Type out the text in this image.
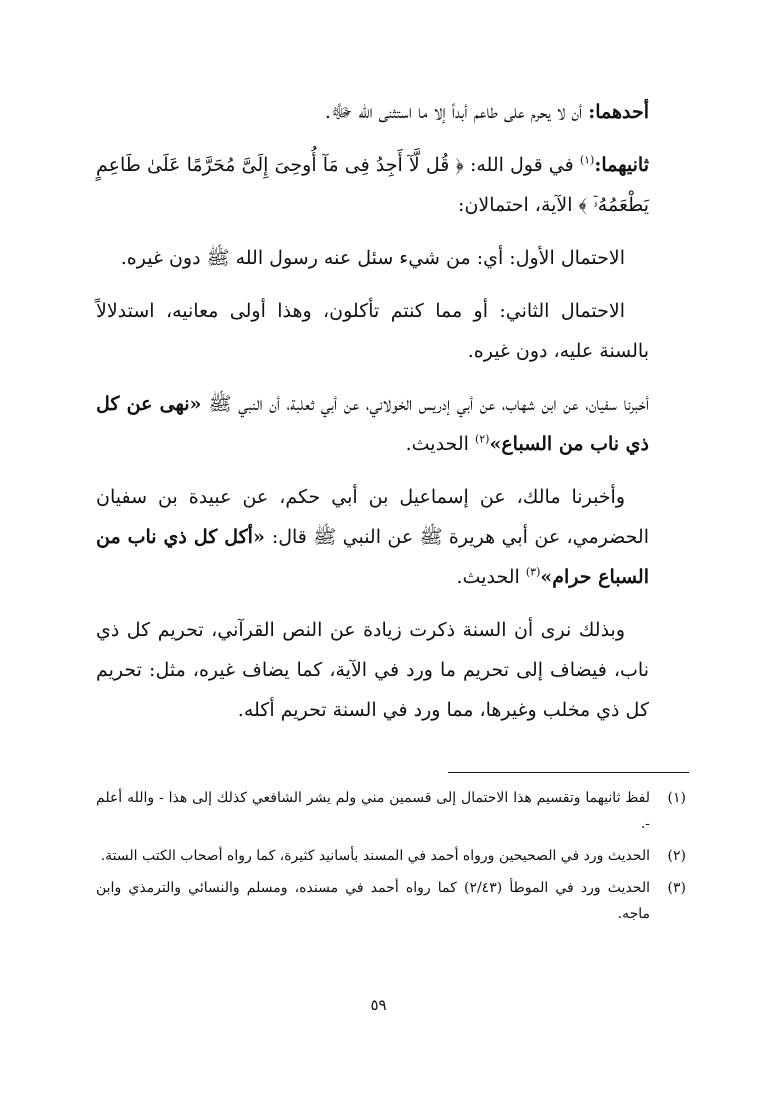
أحدهما: أن لا يحرم على طاعم أبداً إلا ما استثنى الله ﷻ.

ثانيهما:$^{(١)}$ في قول الله: ﴿ قُل لَّآ أَجِدُ فِى مَآ أُوحِىَ إِلَىَّ مُحَرَّمًا عَلَىٰ طَاعِمٍ يَطْعَمُهُۥٓ ﴾ الآية، احتمالان:

الاحتمال الأول: أي: من شيء سئل عنه رسول الله ﷺ دون غيره.

الاحتمال الثاني: أو مما كنتم تأكلون، وهذا أولى معانيه، استدلالاً بالسنة عليه، دون غيره.

أخبرنا سفيان، عن ابن شهاب، عن أبي إدريس الخولاني، عن أبي ثعلبة، أن النبي ﷺ «نهى عن كل ذي ناب من السباع»$^{(٢)}$ الحديث.

وأخبرنا مالك، عن إسماعيل بن أبي حكم، عن عبيدة بن سفيان الحضرمي، عن أبي هريرة ﷺ عن النبي ﷺ قال: «أكل كل ذي ناب من السباع حرام»$^{(٣)}$ الحديث.

وبذلك نرى أن السنة ذكرت زيادة عن النص القرآني، تحريم كل ذي ناب، فيضاف إلى تحريم ما ورد في الآية، كما يضاف غيره، مثل: تحريم كل ذي مخلب وغيرها، مما ورد في السنة تحريم أكله.

(١)
لفظ ثانيهما وتقسيم هذا الاحتمال إلى قسمين مني ولم يشر الشافعي كذلك إلى هذا - والله أعلم -.
(٢)
الحديث ورد في الصحيحين ورواه أحمد في المسند بأسانيد كثيرة، كما رواه أصحاب الكتب الستة.
(٣)
الحديث ورد في الموطأ (٢/٤٣) كما رواه أحمد في مسنده، ومسلم والنسائي والترمذي وابن ماجه.
٥٩
